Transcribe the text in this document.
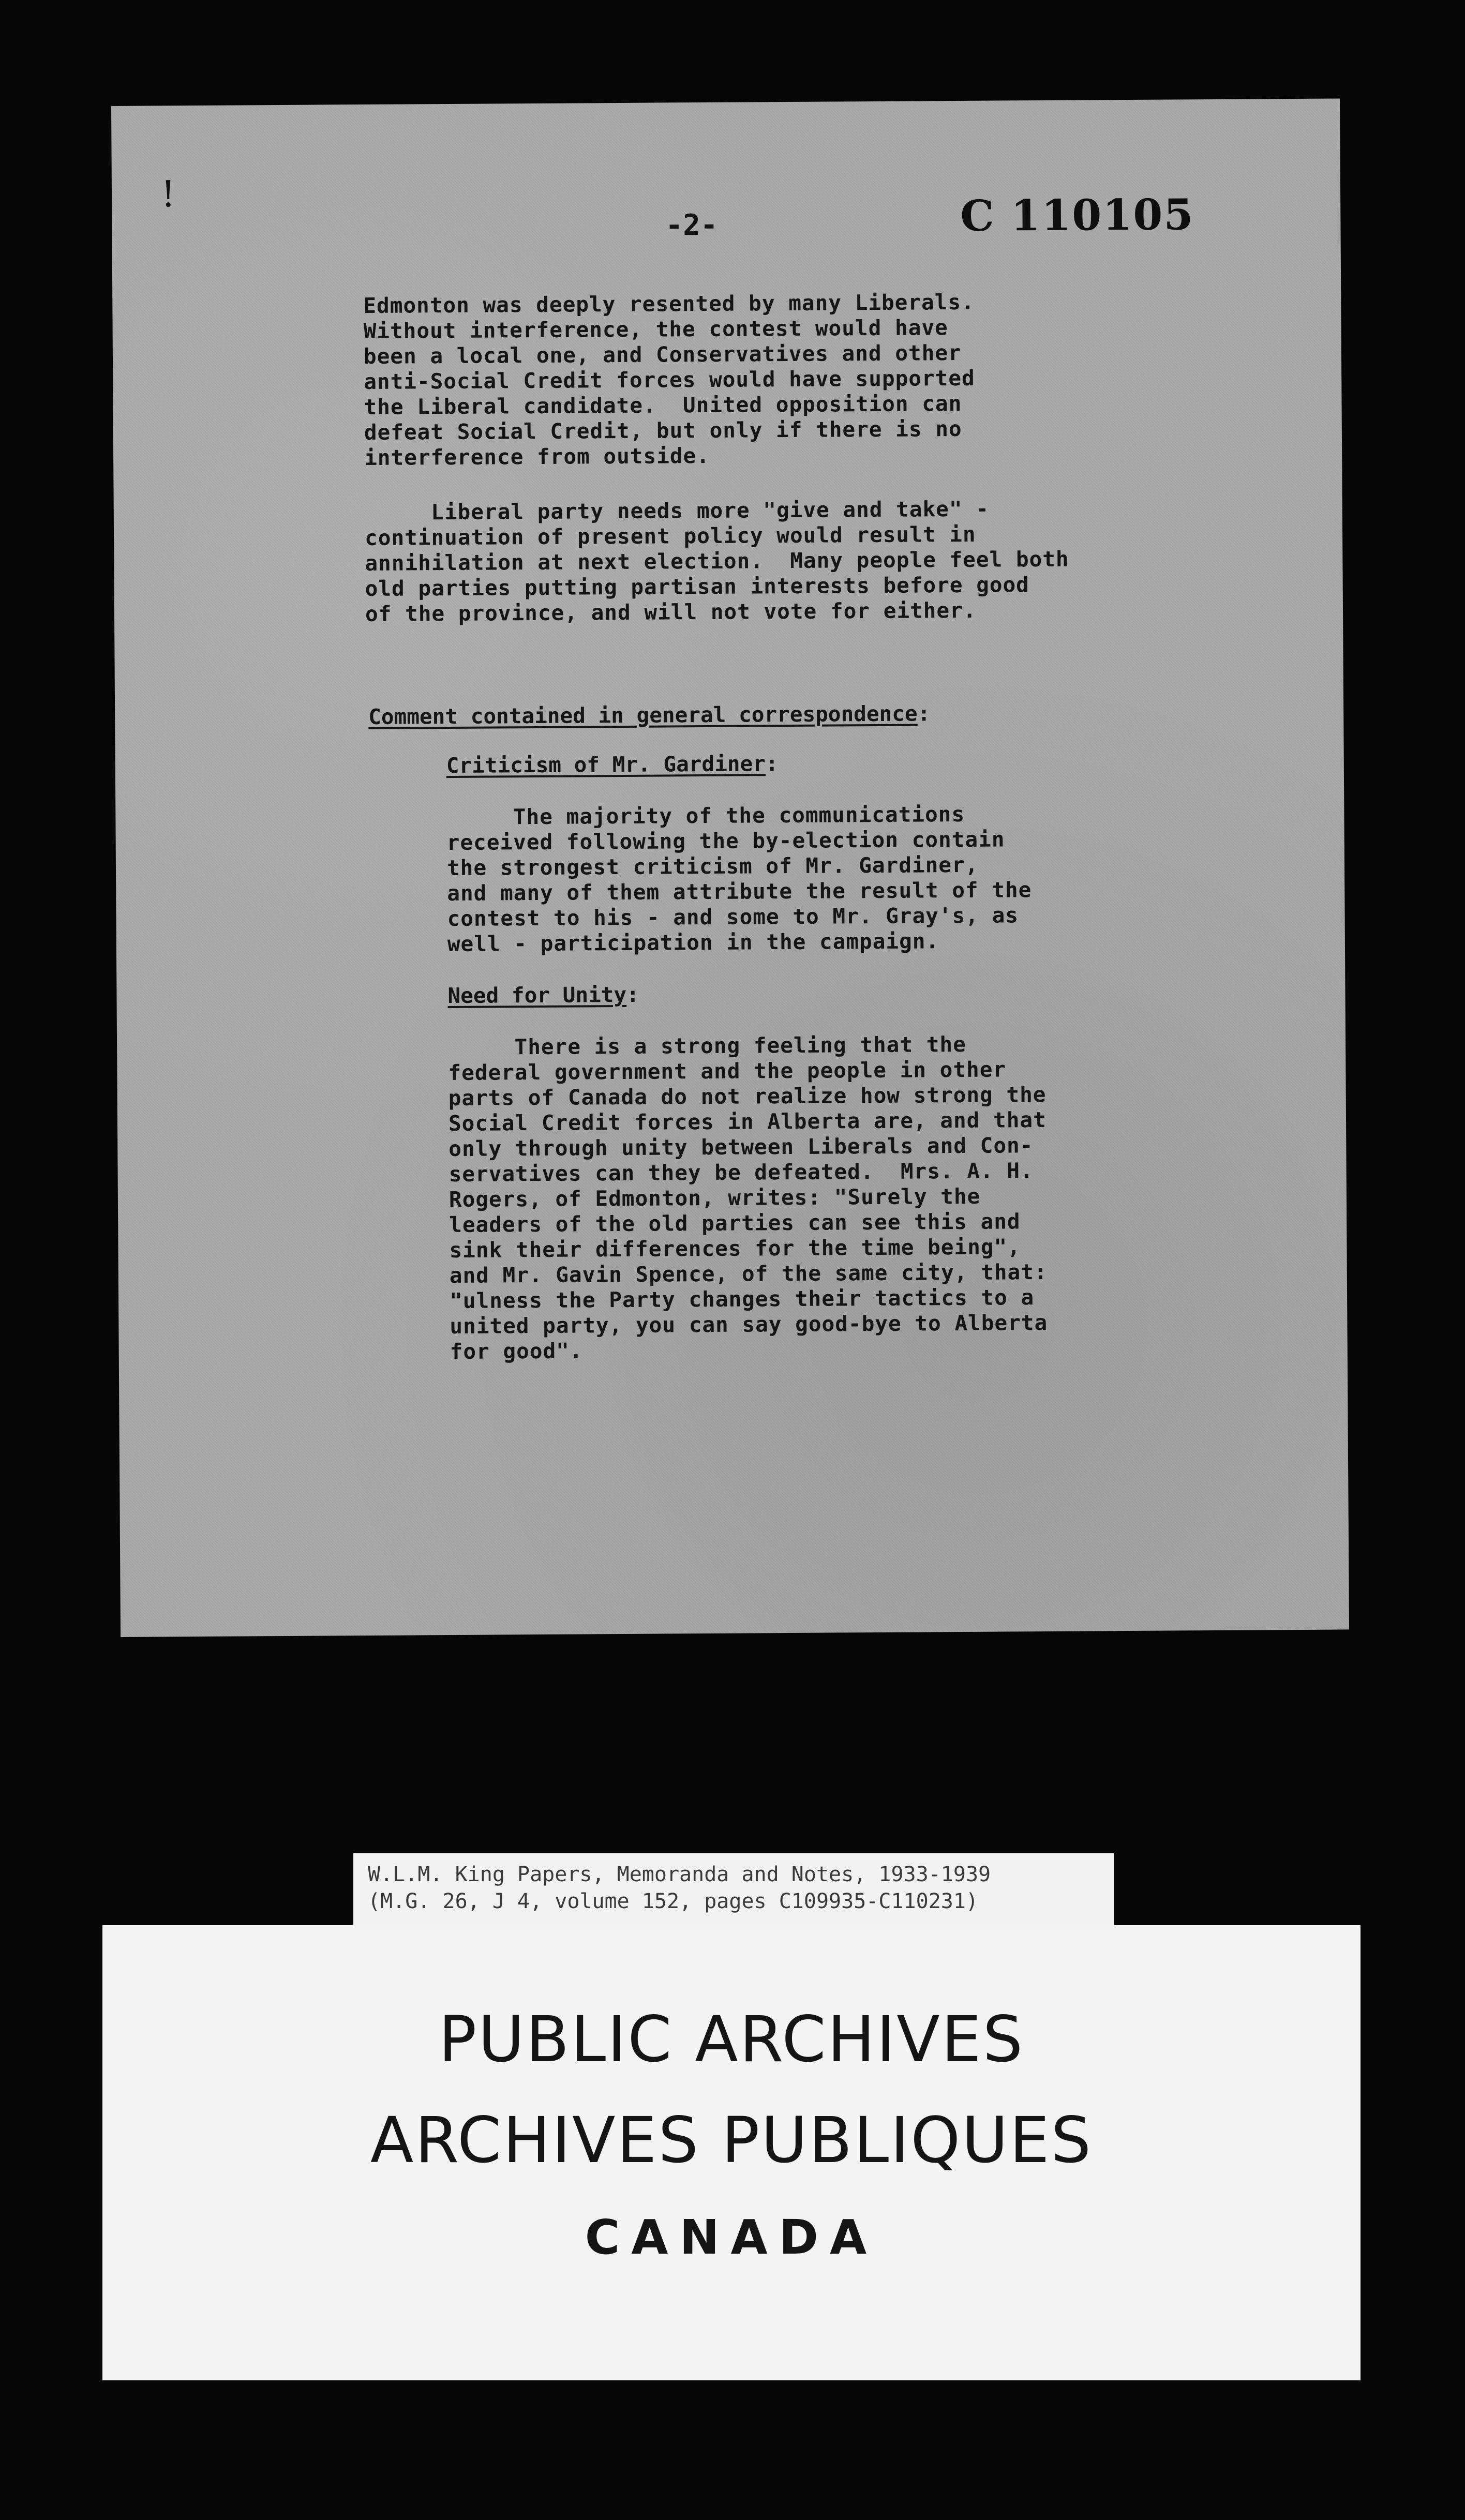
!
-2-	C 110105
Edmonton was deeply resented by many Liberals.
Without interference, the contest would have
been a local one, and Conservatives and other
anti-Social Credit forces would have supported
the Liberal candidate.  United opposition can
defeat Social Credit, but only if there is no
interference from outside.
Liberal party needs more "give and take" -
continuation of present policy would result in
annihilation at next election.  Many people feel both
old parties putting partisan interests before good
of the province, and will not vote for either.
Comment contained in general correspondence:
Criticism of Mr. Gardiner:
The majority of the communications
received following the by-election contain
the strongest criticism of Mr. Gardiner,
and many of them attribute the result of the
contest to his - and some to Mr. Gray's, as
well - participation in the campaign.
Need for Unity:
There is a strong feeling that the
federal government and the people in other
parts of Canada do not realize how strong the
Social Credit forces in Alberta are, and that
only through unity between Liberals and Con-
servatives can they be defeated.  Mrs. A. H.
Rogers, of Edmonton, writes: "Surely the
leaders of the old parties can see this and
sink their differences for the time being",
and Mr. Gavin Spence, of the same city, that:
"ulness the Party changes their tactics to a
united party, you can say good-bye to Alberta
for good".
W.L.M. King Papers, Memoranda and Notes, 1933-1939
(M.G. 26, J 4, volume 152, pages C109935-C110231)
PUBLIC ARCHIVES
ARCHIVES PUBLIQUES
CANADA
